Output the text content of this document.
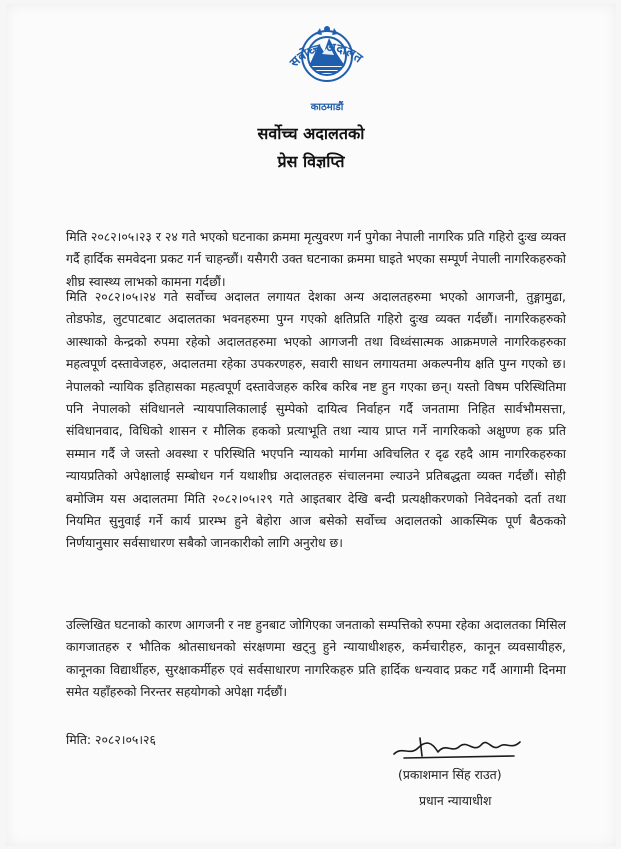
सर्वोच्च अदालत
काठमाडौं
सर्वोच्च अदालतको
प्रेस विज्ञप्ति

मिति २०८२।०५।२३ र २४ गते भएको घटनाका क्रममा मृत्युवरण गर्न पुगेका नेपाली नागरिक प्रति गहिरो दुःख व्यक्त गर्दै हार्दिक समवेदना प्रकट गर्न चाहन्छौं। यसैगरी उक्त घटनाका क्रममा घाइते भएका सम्पूर्ण नेपाली नागरिकहरुको शीघ्र स्वास्थ्य लाभको कामना गर्दछौं।

मिति २०८२।०५।२४ गते सर्वोच्च अदालत लगायत देशका अन्य अदालतहरुमा भएको आगजनी, तुङ्गामुढा, तोडफोड, लुटपाटबाट अदालतका भवनहरुमा पुग्न गएको क्षतिप्रति गहिरो दुःख व्यक्त गर्दछौं। नागरिकहरुको आस्थाको केन्द्रको रुपमा रहेको अदालतहरुमा भएको आगजनी तथा विध्वंसात्मक आक्रमणले नागरिकहरुका महत्वपूर्ण दस्तावेजहरु, अदालतमा रहेका उपकरणहरु, सवारी साधन लगायतमा अकल्पनीय क्षति पुग्न गएको छ। नेपालको न्यायिक इतिहासका महत्वपूर्ण दस्तावेजहरु करिब करिब नष्ट हुन गएका छन्। यस्तो विषम परिस्थितिमा पनि नेपालको संविधानले न्यायपालिकालाई सुम्पेको दायित्व निर्वाहन गर्दै जनतामा निहित सार्वभौमसत्ता, संविधानवाद, विधिको शासन र मौलिक हकको प्रत्याभूति तथा न्याय प्राप्त गर्ने नागरिकको अक्षुण्ण हक प्रति सम्मान गर्दै जे जस्तो अवस्था र परिस्थिति भएपनि न्यायको मार्गमा अविचलित र दृढ रहदै आम नागरिकहरुका न्यायप्रतिको अपेक्षालाई सम्बोधन गर्न यथाशीघ्र अदालतहरु संचालनमा ल्याउने प्रतिबद्धता व्यक्त गर्दछौं। सोही बमोजिम यस अदालतमा मिति २०८२।०५।२९ गते आइतबार देखि बन्दी प्रत्यक्षीकरणको निवेदनको दर्ता तथा नियमित सुनुवाई गर्ने कार्य प्रारम्भ हुने बेहोरा आज बसेको सर्वोच्च अदालतको आकस्मिक पूर्ण बैठकको निर्णयानुसार सर्वसाधारण सबैको जानकारीको लागि अनुरोध छ।

उल्लिखित घटनाको कारण आगजनी र नष्ट हुनबाट जोगिएका जनताको सम्पत्तिको रुपमा रहेका अदालतका मिसिल कागजातहरु र भौतिक श्रोतसाधनको संरक्षणमा खट्नु हुने न्यायाधीशहरु, कर्मचारीहरु, कानून व्यवसायीहरु, कानूनका विद्यार्थीहरु, सुरक्षाकर्मीहरु एवं सर्वसाधारण नागरिकहरु प्रति हार्दिक धन्यवाद प्रकट गर्दै आगामी दिनमा समेत यहाँहरुको निरन्तर सहयोगको अपेक्षा गर्दछौं।

मिति: २०८२।०५।२६
(प्रकाशमान सिंह राउत)
प्रधान न्यायाधीश
